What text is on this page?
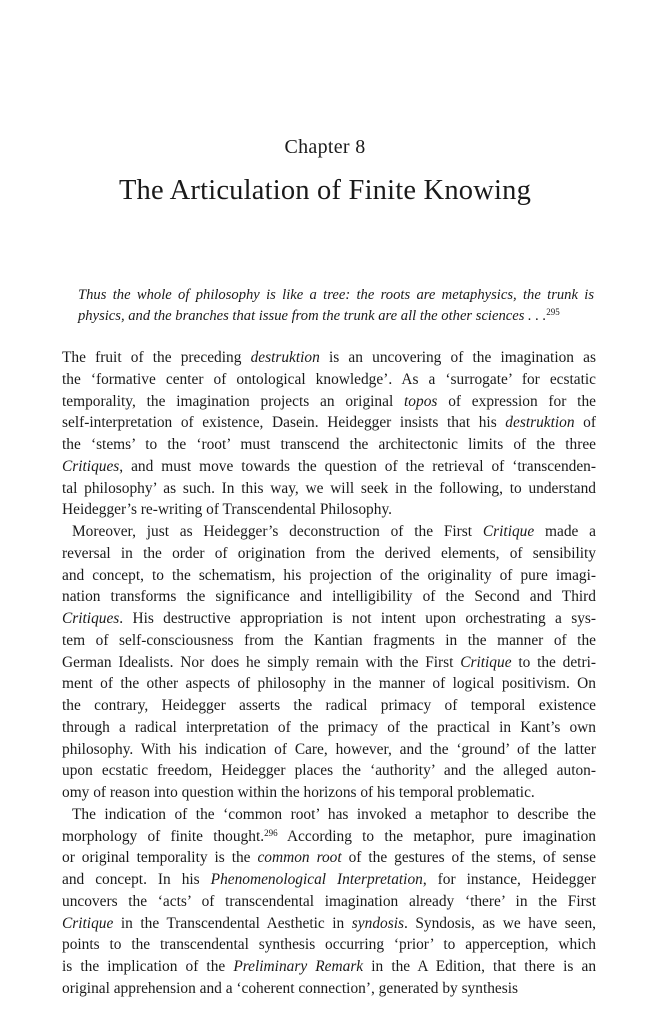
Chapter 8
The Articulation of Finite Knowing
Thus the whole of philosophy is like a tree: the roots are metaphysics, the trunk is
physics, and the branches that issue from the trunk are all the other sciences . . .$^{295}$
The fruit of the preceding destruktion is an uncovering of the imagination as
the ‘formative center of ontological knowledge’. As a ‘surrogate’ for ecstatic
temporality, the imagination projects an original topos of expression for the
self-interpretation of existence, Dasein. Heidegger insists that his destruktion of
the ‘stems’ to the ‘root’ must transcend the architectonic limits of the three
Critiques, and must move towards the question of the retrieval of ‘transcenden-
tal philosophy’ as such. In this way, we will seek in the following, to understand
Heidegger’s re-writing of Transcendental Philosophy.
Moreover, just as Heidegger’s deconstruction of the First Critique made a
reversal in the order of origination from the derived elements, of sensibility
and concept, to the schematism, his projection of the originality of pure imagi-
nation transforms the significance and intelligibility of the Second and Third
Critiques. His destructive appropriation is not intent upon orchestrating a sys-
tem of self-consciousness from the Kantian fragments in the manner of the
German Idealists. Nor does he simply remain with the First Critique to the detri-
ment of the other aspects of philosophy in the manner of logical positivism. On
the contrary, Heidegger asserts the radical primacy of temporal existence
through a radical interpretation of the primacy of the practical in Kant’s own
philosophy. With his indication of Care, however, and the ‘ground’ of the latter
upon ecstatic freedom, Heidegger places the ‘authority’ and the alleged auton-
omy of reason into question within the horizons of his temporal problematic.
The indication of the ‘common root’ has invoked a metaphor to describe the
morphology of finite thought.$^{296}$ According to the metaphor, pure imagination
or original temporality is the common root of the gestures of the stems, of sense
and concept. In his Phenomenological Interpretation, for instance, Heidegger
uncovers the ‘acts’ of transcendental imagination already ‘there’ in the First
Critique in the Transcendental Aesthetic in syndosis. Syndosis, as we have seen,
points to the transcendental synthesis occurring ‘prior’ to apperception, which
is the implication of the Preliminary Remark in the A Edition, that there is an
original apprehension and a ‘coherent connection’, generated by synthesis
